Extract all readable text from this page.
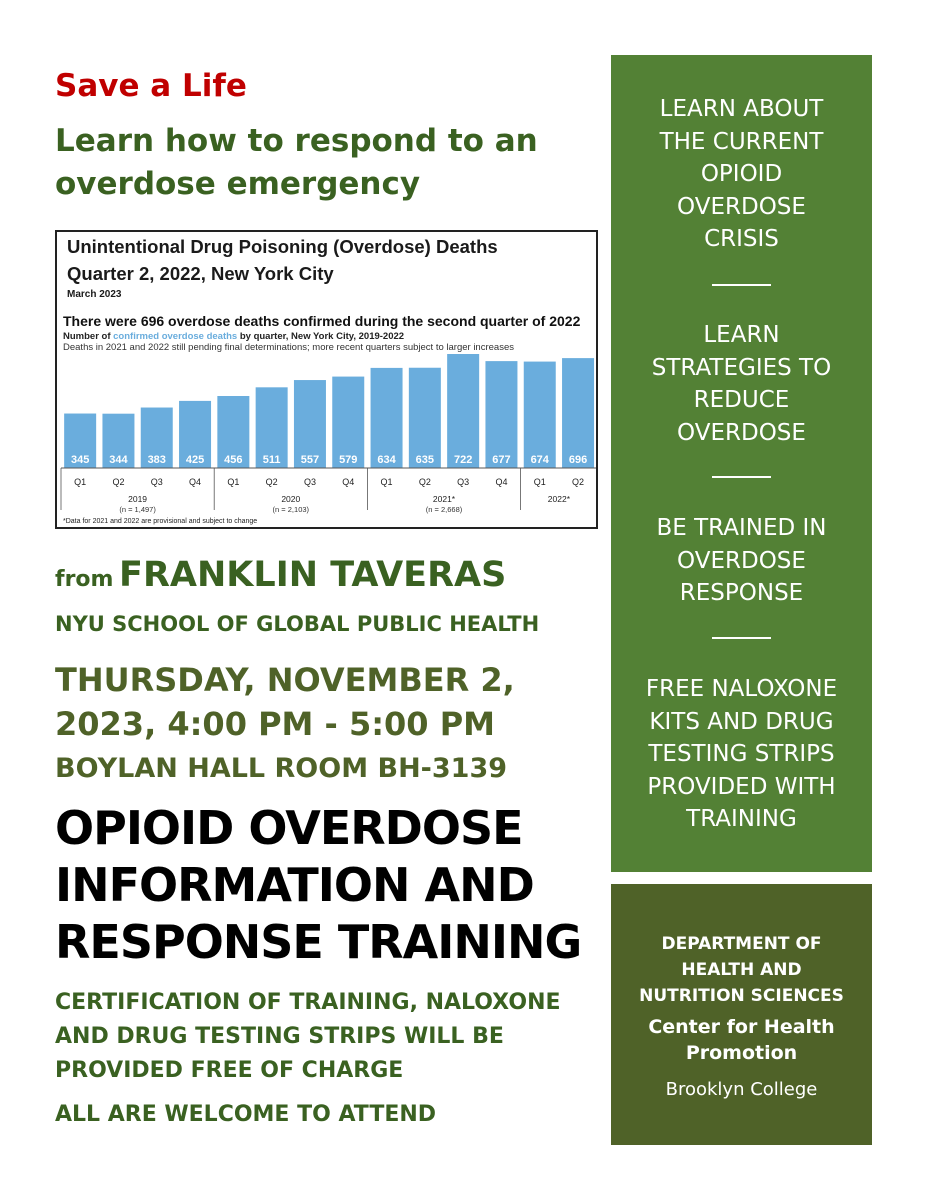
Save a Life
Learn how to respond to an
overdose emergency
Unintentional Drug Poisoning (Overdose) Deaths
Quarter 2, 2022, New York City
March 2023
There were 696 overdose deaths confirmed during the second quarter of 2022
Number of confirmed overdose deaths by quarter, New York City, 2019-2022
Deaths in 2021 and 2022 still pending final determinations; more recent quarters subject to larger increases
345
Q1
344
Q2
383
Q3
425
Q4
456
Q1
511
Q2
557
Q3
579
Q4
634
Q1
635
Q2
722
Q3
677
Q4
674
Q1
696
Q2
2019
(n = 1,497)
2020
(n = 2,103)
2021*
(n = 2,668)
2022*
*Data for 2021 and 2022 are provisional and subject to change
from FRANKLIN TAVERAS
NYU SCHOOL OF GLOBAL PUBLIC HEALTH
THURSDAY, NOVEMBER 2,
2023, 4:00 PM - 5:00 PM
BOYLAN HALL ROOM BH-3139
OPIOID OVERDOSE
INFORMATION AND
RESPONSE TRAINING
CERTIFICATION OF TRAINING, NALOXONE
AND DRUG TESTING STRIPS WILL BE
PROVIDED FREE OF CHARGE
ALL ARE WELCOME TO ATTEND
LEARN ABOUT
THE CURRENT
OPIOID
OVERDOSE
CRISIS
LEARN
STRATEGIES TO
REDUCE
OVERDOSE
BE TRAINED IN
OVERDOSE
RESPONSE
FREE NALOXONE
KITS AND DRUG
TESTING STRIPS
PROVIDED WITH
TRAINING
DEPARTMENT OF
HEALTH AND
NUTRITION SCIENCES
Center for Health
Promotion
Brooklyn College
